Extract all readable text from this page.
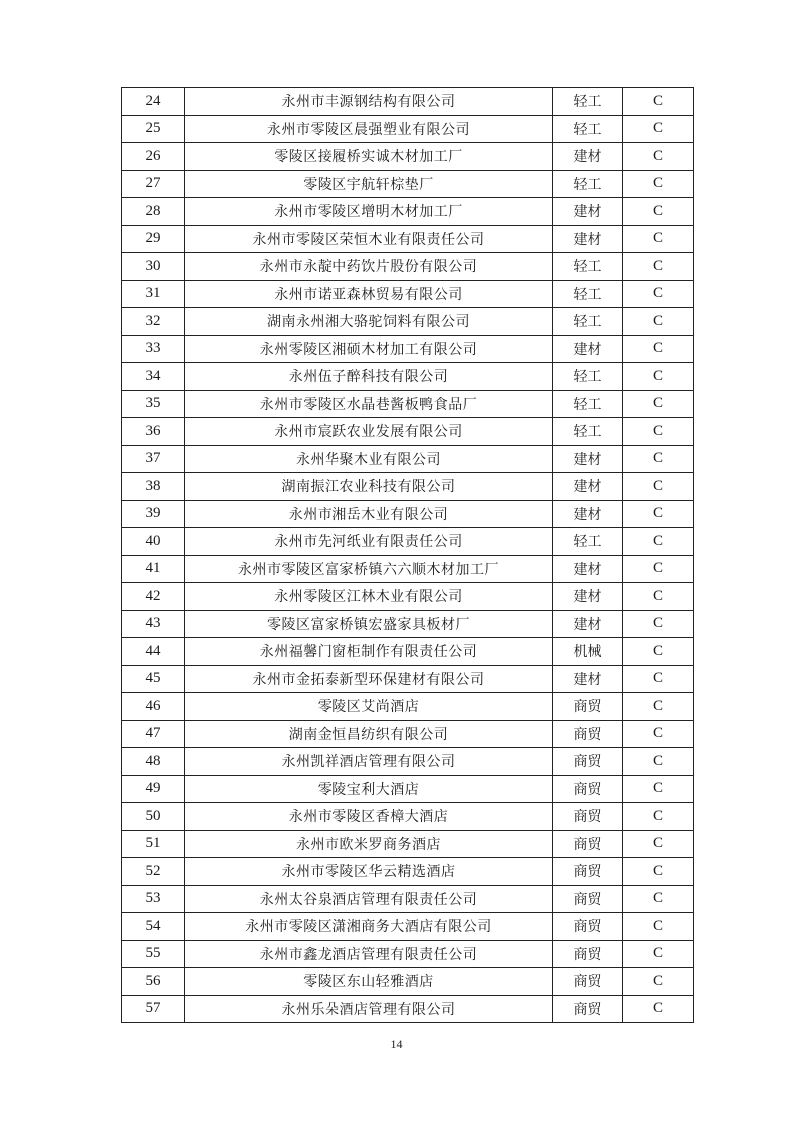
24	永州市丰源钢结构有限公司	轻工	C
25	永州市零陵区晨强塑业有限公司	轻工	C
26	零陵区接履桥实诚木材加工厂	建材	C
27	零陵区宇航轩棕垫厂	轻工	C
28	永州市零陵区增明木材加工厂	建材	C
29	永州市零陵区荣恒木业有限责任公司	建材	C
30	永州市永靛中药饮片股份有限公司	轻工	C
31	永州市诺亚森林贸易有限公司	轻工	C
32	湖南永州湘大骆驼饲料有限公司	轻工	C
33	永州零陵区湘硕木材加工有限公司	建材	C
34	永州伍子醉科技有限公司	轻工	C
35	永州市零陵区水晶巷酱板鸭食品厂	轻工	C
36	永州市宸跃农业发展有限公司	轻工	C
37	永州华聚木业有限公司	建材	C
38	湖南振江农业科技有限公司	建材	C
39	永州市湘岳木业有限公司	建材	C
40	永州市先河纸业有限责任公司	轻工	C
41	永州市零陵区富家桥镇六六顺木材加工厂	建材	C
42	永州零陵区江林木业有限公司	建材	C
43	零陵区富家桥镇宏盛家具板材厂	建材	C
44	永州福馨门窗柜制作有限责任公司	机械	C
45	永州市金拓泰新型环保建材有限公司	建材	C
46	零陵区艾尚酒店	商贸	C
47	湖南金恒昌纺织有限公司	商贸	C
48	永州凯祥酒店管理有限公司	商贸	C
49	零陵宝利大酒店	商贸	C
50	永州市零陵区香樟大酒店	商贸	C
51	永州市欧米罗商务酒店	商贸	C
52	永州市零陵区华云精选酒店	商贸	C
53	永州太谷泉酒店管理有限责任公司	商贸	C
54	永州市零陵区潇湘商务大酒店有限公司	商贸	C
55	永州市鑫龙酒店管理有限责任公司	商贸	C
56	零陵区东山轻雅酒店	商贸	C
57	永州乐朵酒店管理有限公司	商贸	C
14
